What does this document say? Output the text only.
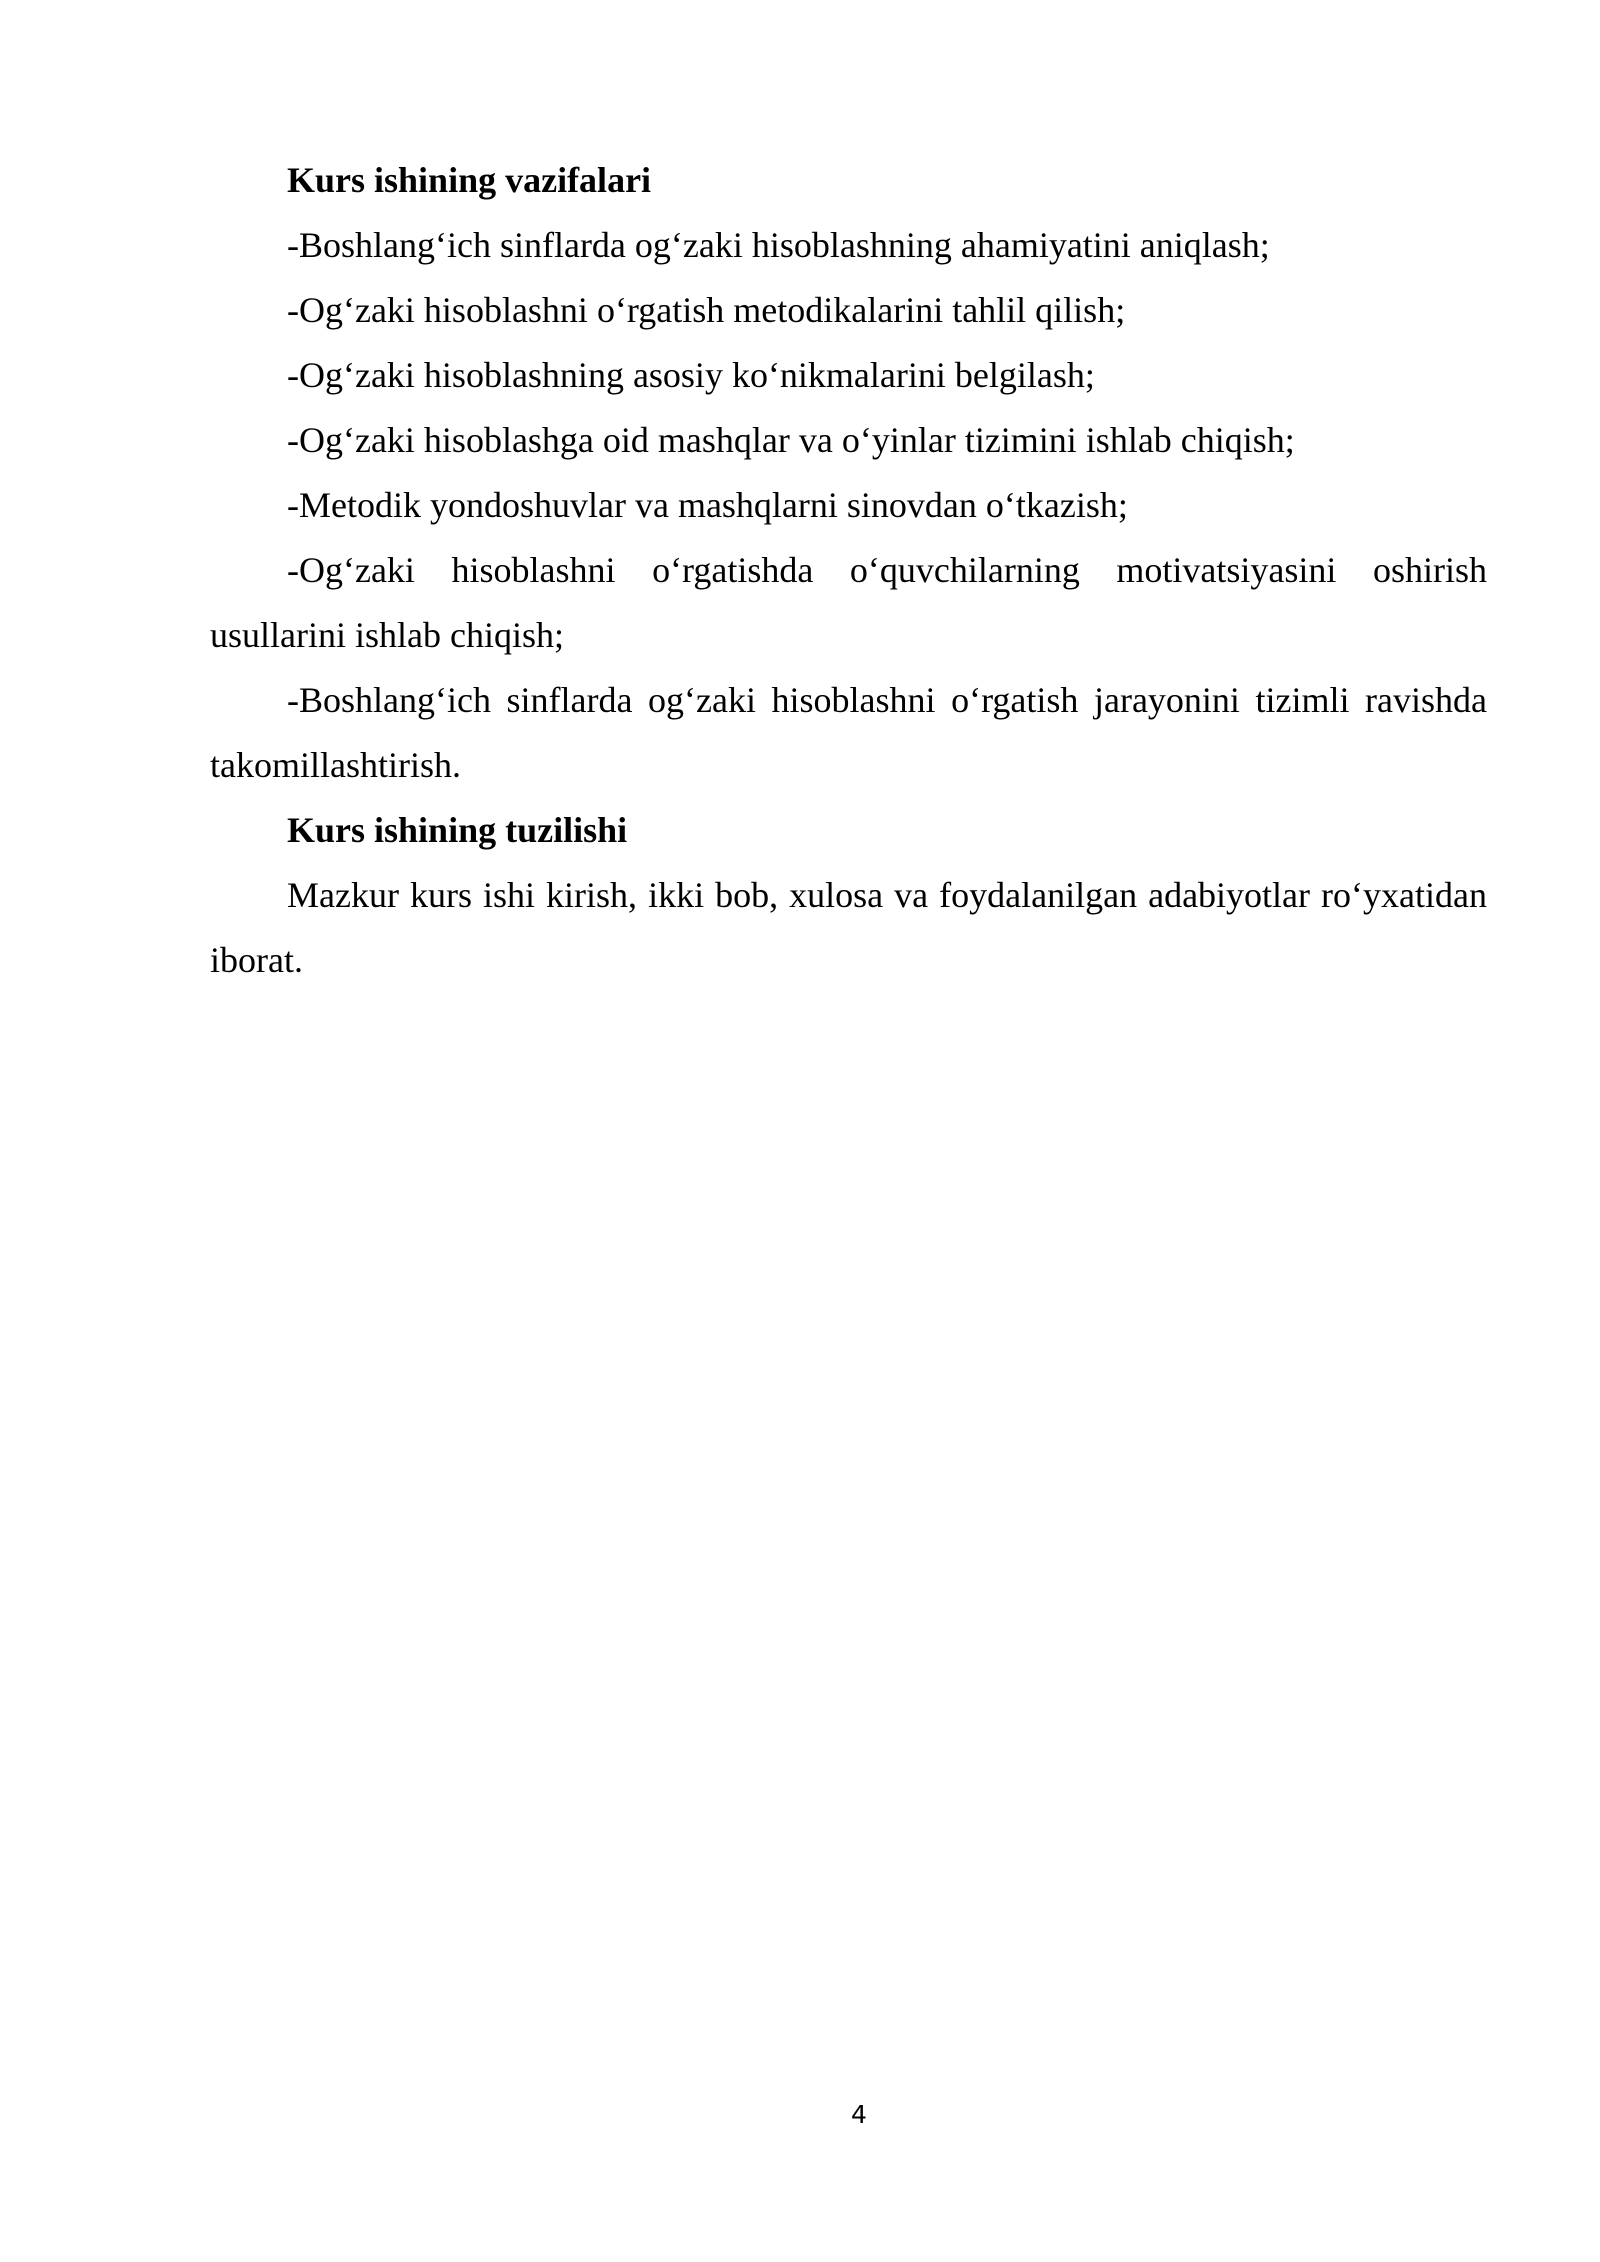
Kurs ishining vazifalari

-Boshlang‘ich sinflarda og‘zaki hisoblashning ahamiyatini aniqlash;

-Og‘zaki hisoblashni o‘rgatish metodikalarini tahlil qilish;

-Og‘zaki hisoblashning asosiy ko‘nikmalarini belgilash;

-Og‘zaki hisoblashga oid mashqlar va o‘yinlar tizimini ishlab chiqish;

-Metodik yondoshuvlar va mashqlarni sinovdan o‘tkazish;

-Og‘zaki hisoblashni o‘rgatishda o‘quvchilarning motivatsiyasini oshirish usullarini ishlab chiqish;

-Boshlang‘ich sinflarda og‘zaki hisoblashni o‘rgatish jarayonini tizimli ravishda takomillashtirish.

Kurs ishining tuzilishi

Mazkur kurs ishi kirish, ikki bob, xulosa va foydalanilgan adabiyotlar ro‘yxatidan iborat.

4
